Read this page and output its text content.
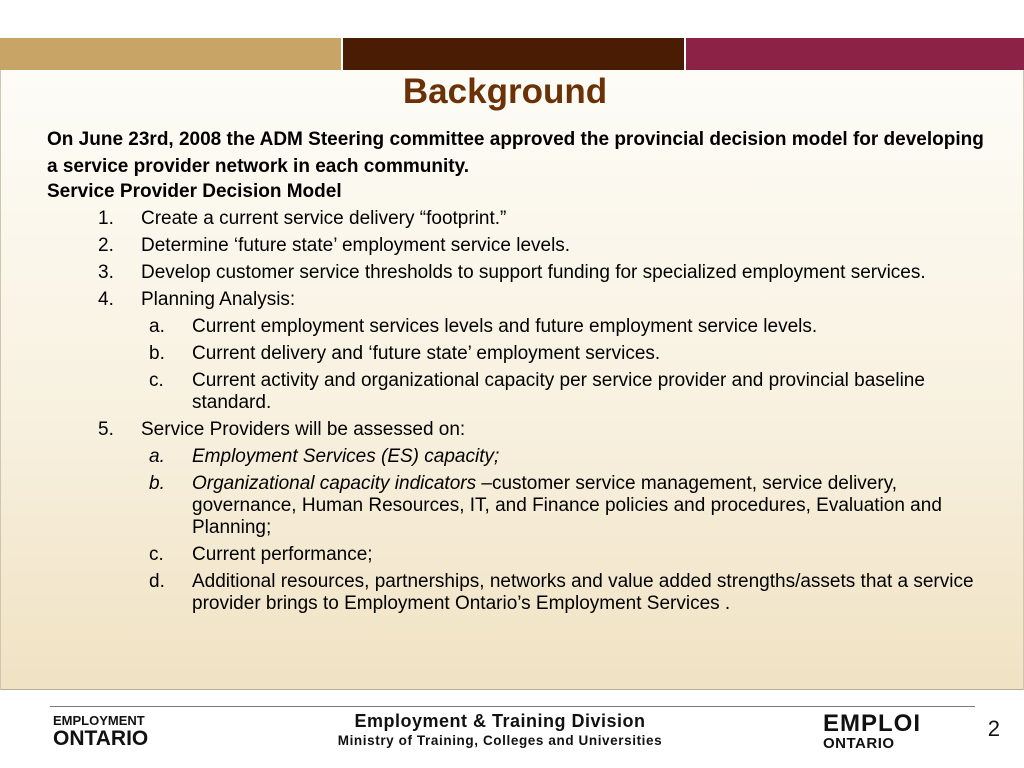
Background

On June 23rd, 2008 the ADM Steering committee approved the provincial decision model for developing a service provider network in each community.

Service Provider Decision Model

1. Create a current service delivery “footprint.”
2. Determine ‘future state’ employment service levels.
3. Develop customer service thresholds to support funding for specialized employment services.
4. Planning Analysis:
a. Current employment services levels and future employment service levels.
b. Current delivery and ‘future state’ employment services.
c. Current activity and organizational capacity per service provider and provincial baseline standard.
5. Service Providers will be assessed on:
a. Employment Services (ES) capacity;
b. Organizational capacity indicators –customer service management, service delivery, governance, Human Resources, IT, and Finance policies and procedures, Evaluation and Planning;
c. Current performance;
d. Additional resources, partnerships, networks and value added strengths/assets that a service provider brings to Employment Ontario’s Employment Services .
EMPLOYMENT
ONTARIO
Employment & Training Division
Ministry of Training, Colleges and Universities
EMPLOI
ONTARIO
2
